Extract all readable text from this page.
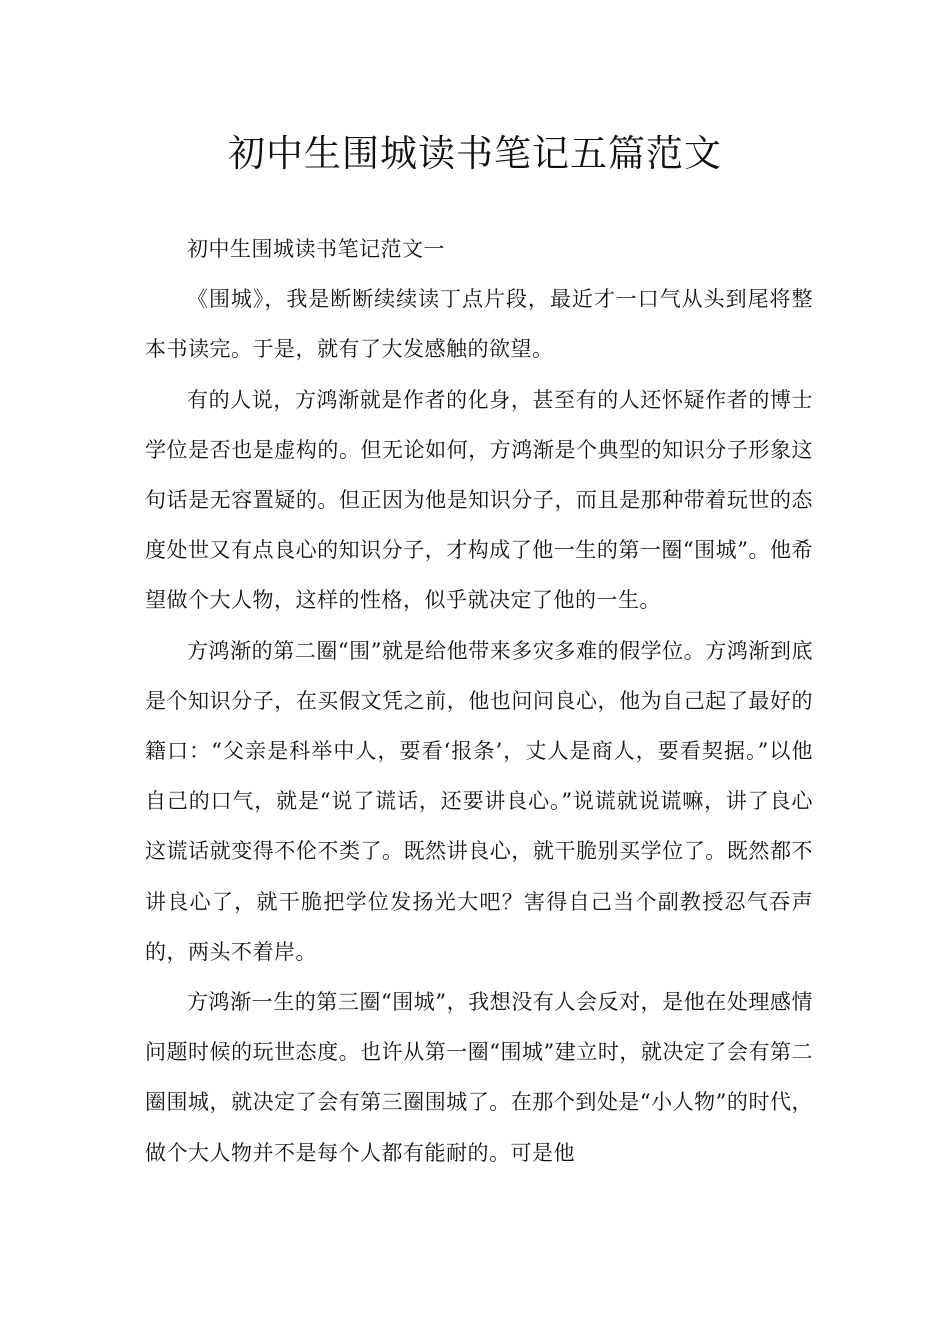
初中生围城读书笔记五篇范文

初中生围城读书笔记范文一

《围城》，我是断断续续读丁点片段，最近才一口气从头到尾将整本书读完。于是，就有了大发感触的欲望。

有的人说，方鸿渐就是作者的化身，甚至有的人还怀疑作者的博士学位是否也是虚构的。但无论如何，方鸿渐是个典型的知识分子形象这句话是无容置疑的。但正因为他是知识分子，而且是那种带着玩世的态度处世又有点良心的知识分子，才构成了他一生的第一圈“围城”。他希望做个大人物，这样的性格，似乎就决定了他的一生。

方鸿渐的第二圈“围”就是给他带来多灾多难的假学位。方鸿渐到底是个知识分子，在买假文凭之前，他也问问良心，他为自己起了最好的籍口：“父亲是科举中人，要看‘报条’，丈人是商人，要看契据。”以他自己的口气，就是“说了谎话，还要讲良心。”说谎就说谎嘛，讲了良心这谎话就变得不伦不类了。既然讲良心，就干脆别买学位了。既然都不讲良心了，就干脆把学位发扬光大吧？害得自己当个副教授忍气吞声的，两头不着岸。

方鸿渐一生的第三圈“围城”，我想没有人会反对，是他在处理感情问题时候的玩世态度。也许从第一圈“围城”建立时，就决定了会有第二圈围城，就决定了会有第三圈围城了。在那个到处是“小人物”的时代，做个大人物并不是每个人都有能耐的。可是他
